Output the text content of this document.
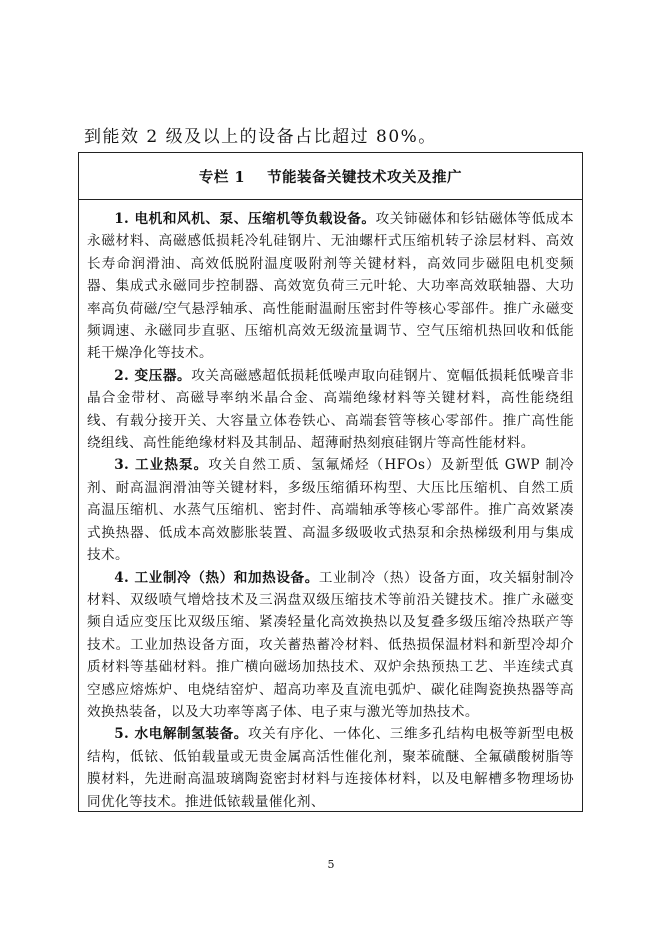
到能效 2 级及以上的设备占比超过 80%。
专栏 1 节能装备关键技术攻关及推广

1. 电机和风机、泵、压缩机等负载设备。攻关铈磁体和钐钴磁体等低成本永磁材料、高磁感低损耗冷轧硅钢片、无油螺杆式压缩机转子涂层材料、高效长寿命润滑油、高效低脱附温度吸附剂等关键材料，高效同步磁阻电机变频器、集成式永磁同步控制器、高效宽负荷三元叶轮、大功率高效联轴器、大功率高负荷磁/空气悬浮轴承、高性能耐温耐压密封件等核心零部件。推广永磁变频调速、永磁同步直驱、压缩机高效无级流量调节、空气压缩机热回收和低能耗干燥净化等技术。

2. 变压器。攻关高磁感超低损耗低噪声取向硅钢片、宽幅低损耗低噪音非晶合金带材、高磁导率纳米晶合金、高端绝缘材料等关键材料，高性能绕组线、有载分接开关、大容量立体卷铁心、高端套管等核心零部件。推广高性能绕组线、高性能绝缘材料及其制品、超薄耐热刻痕硅钢片等高性能材料。

3. 工业热泵。攻关自然工质、氢氟烯烃（HFOs）及新型低 GWP 制冷剂、耐高温润滑油等关键材料，多级压缩循环构型、大压比压缩机、自然工质高温压缩机、水蒸气压缩机、密封件、高端轴承等核心零部件。推广高效紧凑式换热器、低成本高效膨胀装置、高温多级吸收式热泵和余热梯级利用与集成技术。

4. 工业制冷（热）和加热设备。工业制冷（热）设备方面，攻关辐射制冷材料、双级喷气增焓技术及三涡盘双级压缩技术等前沿关键技术。推广永磁变频自适应变压比双级压缩、紧凑轻量化高效换热以及复叠多级压缩冷热联产等技术。工业加热设备方面，攻关蓄热蓄冷材料、低热损保温材料和新型冷却介质材料等基础材料。推广横向磁场加热技术、双炉余热预热工艺、半连续式真空感应熔炼炉、电烧结窑炉、超高功率及直流电弧炉、碳化硅陶瓷换热器等高效换热装备，以及大功率等离子体、电子束与激光等加热技术。

5. 水电解制氢装备。攻关有序化、一体化、三维多孔结构电极等新型电极结构，低铱、低铂载量或无贵金属高活性催化剂，聚苯硫醚、全氟磺酸树脂等膜材料，先进耐高温玻璃陶瓷密封材料与连接体材料，以及电解槽多物理场协同优化等技术。推进低铱载量催化剂、

5
